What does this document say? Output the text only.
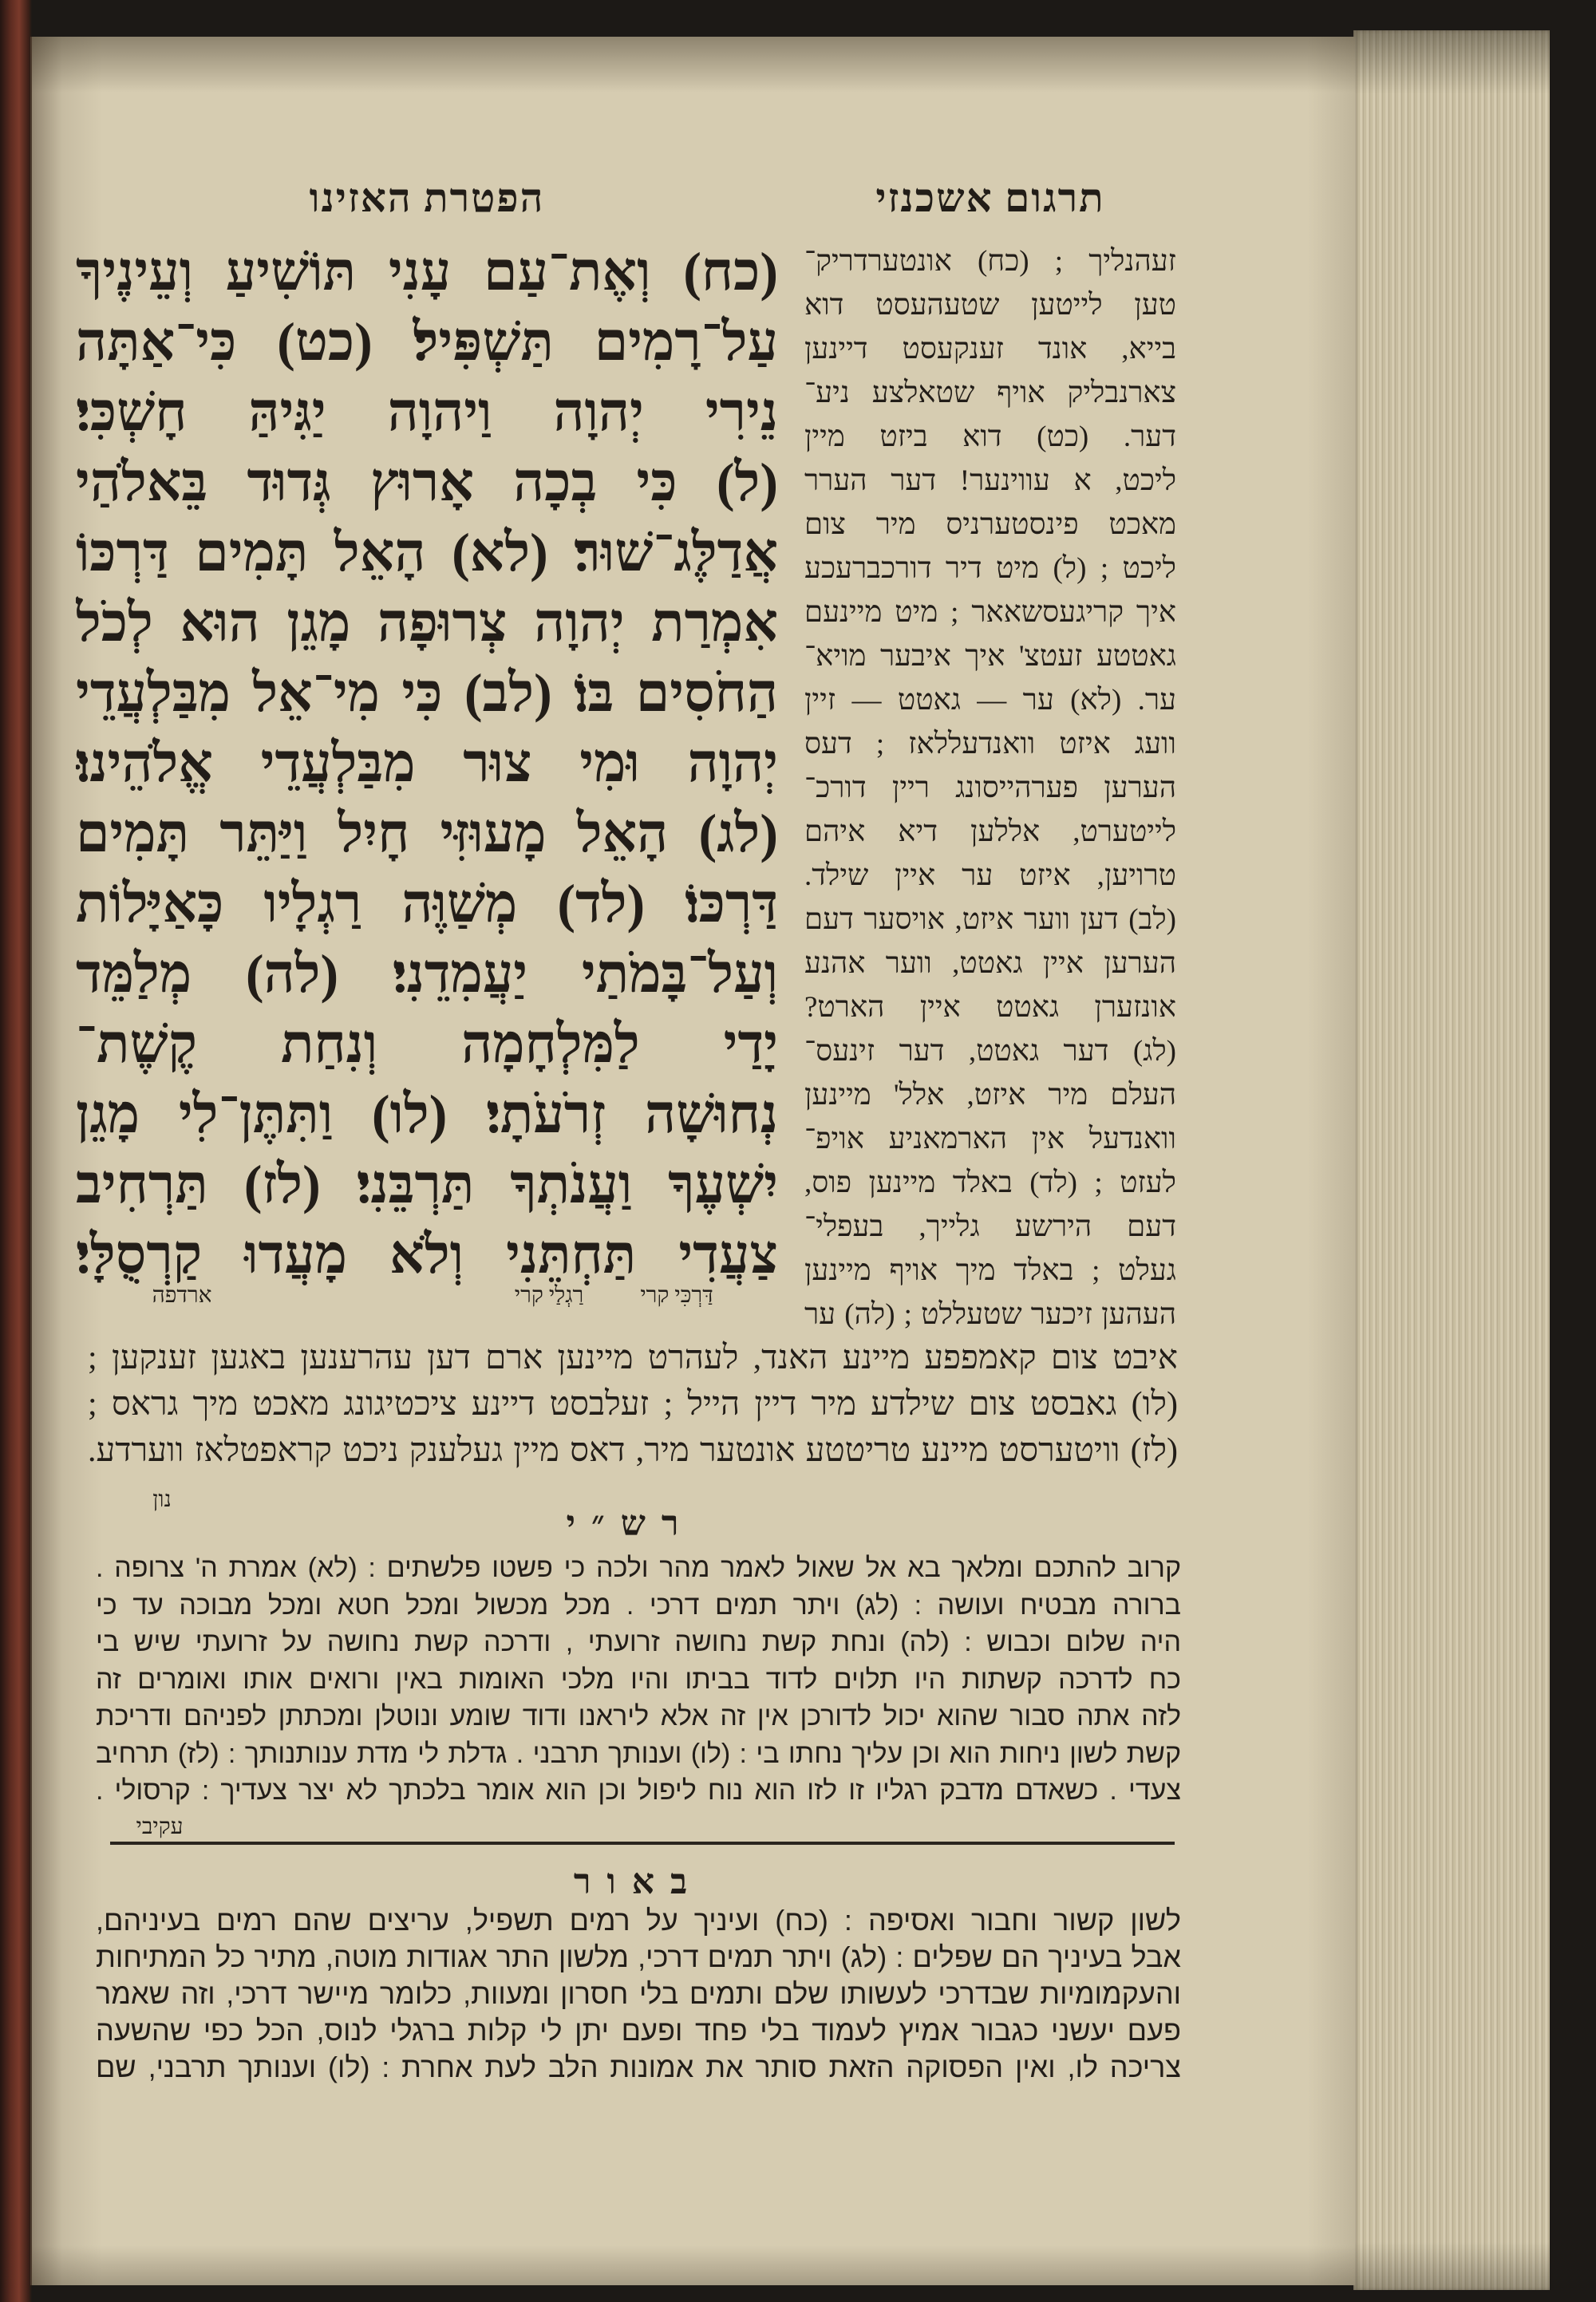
הפטרת האזינו	תרגום אשכנזי
(כח) וְאֶת־עַם עָנִי תּוֹשִׁיעַ וְעֵינֶיךָ
עַל־רָמִים תַּשְׁפִּיל׃ (כט) כִּי־אַתָּה
נֵירִי יְהוָה וַיהוָה יַגִּיהַּ חָשְׁכִּי׃
(ל) כִּי בְכָה אָרוּץ גְּדוּד בֵּאלֹהַי
אֲדַלֶּג־שׁוּר׃ (לא) הָאֵל תָּמִים דַּרְכּוֹ
אִמְרַת יְהוָה צְרוּפָה מָגֵן הוּא לְכֹל
הַחֹסִים בּוֹ׃ (לב) כִּי מִי־אֵל מִבַּלְעֲדֵי
יְהוָה וּמִי צוּר מִבַּלְעֲדֵי אֱלֹהֵינוּ׃
(לג) הָאֵל מָעוּזִּי חָיִל וַיַּתֵּר תָּמִים
דַּרְכּוֹ׃ (לד) מְשַׁוֶּה רַגְלָיו כָּאַיָּלוֹת
וְעַל־בָּמֹתַי יַעֲמִדֵנִי׃ (לה) מְלַמֵּד
יָדַי לַמִּלְחָמָה וְנִחַת קֶשֶׁת־
נְחוּשָׁה זְרֹעֹתָי׃ (לו) וַתִּתֶּן־לִי מָגֵן
יִשְׁעֶךָ וַעֲנֹתְךָ תַּרְבֵּנִי׃ (לז) תַּרְחִיב
צַעֲדִי תַּחְתֵּנִי וְלֹא מָעֲדוּ קַרְסֻלָּי׃
דַּרְכִּי קרי
רַגְלַי קרי
ארדפה
זעהנליך ; (כח) אונטערדריק־
טען לייטען שטעהעסט דוא
בייא, אונד זענקעסט דיינען
צארנבליק אויף שטאלצע ניע־
דער. (כט) דוא ביזט מיין
ליכט, א עווינער! דער הערר
מאכט פינסטערניס מיר צום
ליכט ; (ל) מיט דיר דורכברעכע
איך קריגעסשאאר ; מיט מיינעם
גאטטע זעטצ' איך איבער מויא־
ער. (לא) ער — גאטט — זיין
וועג איזט וואנדעללאז ; דעס
הערען פערהייסונג ריין דורכ־
לייטערט, אללען דיא איהם
טרויען, איזט ער איין שילד.
(לב) דען ווער איזט, אויסער דעם
הערען איין גאטט, ווער אהנע
אונזערן גאטט איין הארט?
(לג) דער גאטט, דער זינעס־
העלם מיר איזט, אלל' מיינען
וואנדעל אין הארמאניע אויפ־
לעזט ; (לד) באלד מיינען פוס,
דעם הירשע גלייך, בעפלי־
געלט ; באלד מיך אויף מיינען
העהען זיכער שטעללט ; (לה) ער
איבט צום קאמפפע מיינע האנד, לעהרט מיינען ארם דען עהרענען באגען זענקען ;
(לו) גאבסט צום שילדע מיר דיין הייל ; זעלבסט דיינע ציכטיגונג מאכט מיך גראס ;
(לז) וויטערסט מיינע טריטטע אונטער מיר, דאס מיין געלענק ניכט קראפטלאז ווערדע.
נון
רש״י
קרוב להתכם ומלאך בא אל שאול לאמר מהר ולכה כי פשטו פלשתים : (לא) אמרת ה' צרופה .
ברורה מבטיח ועושה : (לג) ויתר תמים דרכי . מכל מכשול ומכל חטא ומכל מבוכה עד כי
היה שלום וכבוש : (לה) ונחת קשת נחושה זרועתי , ודרכה קשת נחושה על זרועתי שיש בי
כח לדרכה קשתות היו תלוים לדוד בביתו והיו מלכי האומות באין ורואים אותו ואומרים זה
לזה אתה סבור שהוא יכול לדורכן אין זה אלא ליראנו ודוד שומע ונוטלן ומכתתן לפניהם ודריכת
קשת לשון ניחות הוא וכן עליך נחתו בי : (לו) וענותך תרבני . גדלת לי מדת ענותנותך : (לז) תרחיב
צעדי . כשאדם מדבק רגליו זו לזו הוא נוח ליפול וכן הוא אומר בלכתך לא יצר צעדיך : קרסולי .
עקיבי
באור
לשון קשור וחבור ואסיפה : (כח) ועיניך על רמים תשפיל, עריצים שהם רמים בעיניהם,
אבל בעיניך הם שפלים : (לג) ויתר תמים דרכי, מלשון התר אגודות מוטה, מתיר כל המתיחות
והעקמומיות שבדרכי לעשותו שלם ותמים בלי חסרון ומעוות, כלומר מיישר דרכי, וזה שאמר
פעם יעשני כגבור אמיץ לעמוד בלי פחד ופעם יתן לי קלות ברגלי לנוס, הכל כפי שהשעה
צריכה לו, ואין הפסוקה הזאת סותר את אמונות הלב לעת אחרת : (לו) וענותך תרבני, שם
